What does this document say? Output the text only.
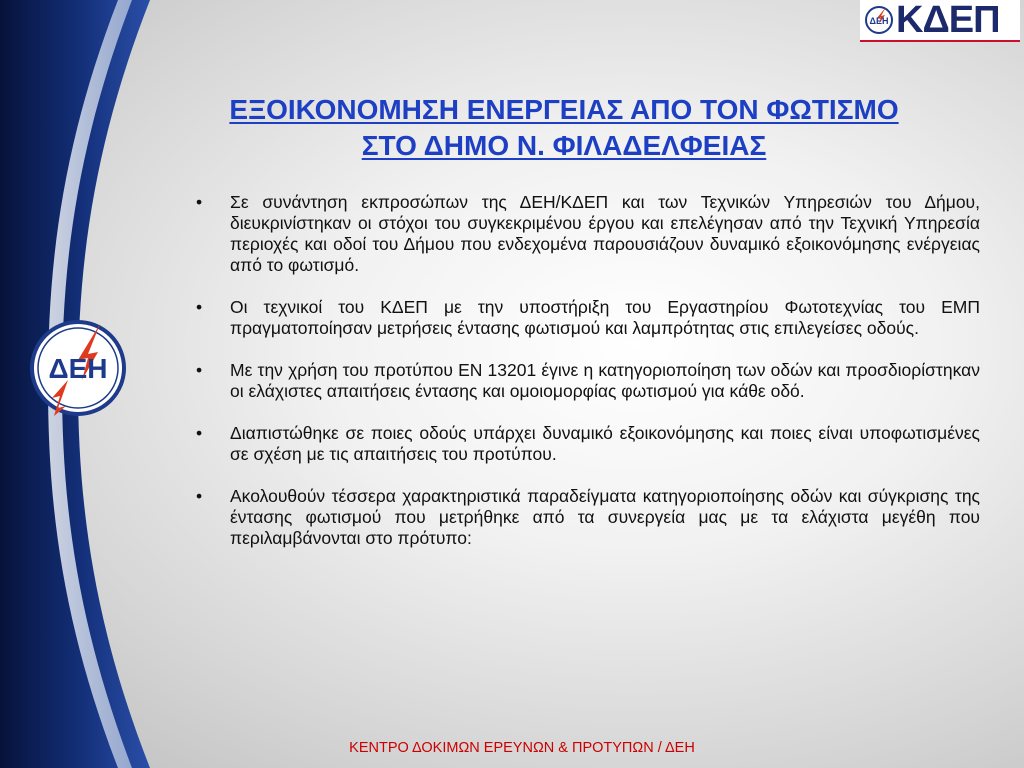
ΔΕΗ
ΔΕΗ ΚΔΕΠ
ΕΞΟΙΚΟΝΟΜΗΣΗ ΕΝΕΡΓΕΙΑΣ ΑΠΟ ΤΟΝ ΦΩΤΙΣΜΟ
ΣΤΟ ΔΗΜΟ Ν. ΦΙΛΑΔΕΛΦΕΙΑΣ
• Σε συνάντηση εκπροσώπων της ΔΕΗ/ΚΔΕΠ και των Τεχνικών Υπηρεσιών του Δήμου, διευκρινίστηκαν οι στόχοι του συγκεκριμένου έργου και επελέγησαν από την Τεχνική Υπηρεσία περιοχές και οδοί του Δήμου που ενδεχομένα παρουσιάζουν δυναμικό εξοικονόμησης ενέργειας από το φωτισμό.
• Οι τεχνικοί του ΚΔΕΠ με την υποστήριξη του Εργαστηρίου Φωτοτεχνίας του ΕΜΠ πραγματοποίησαν μετρήσεις έντασης φωτισμού και λαμπρότητας στις επιλεγείσες οδούς.
• Με την χρήση του προτύπου ΕΝ 13201 έγινε η κατηγοριοποίηση των οδών και προσδιορίστηκαν οι ελάχιστες απαιτήσεις έντασης και ομοιομορφίας φωτισμού για κάθε οδό.
• Διαπιστώθηκε σε ποιες οδούς υπάρχει δυναμικό εξοικονόμησης και ποιες είναι υποφωτισμένες σε σχέση με τις απαιτήσεις του προτύπου.
• Ακολουθούν τέσσερα χαρακτηριστικά παραδείγματα κατηγοριοποίησης οδών και σύγκρισης της έντασης φωτισμού που μετρήθηκε από τα συνεργεία μας με τα ελάχιστα μεγέθη που περιλαμβάνονται στο πρότυπο:
ΚΕΝΤΡΟ ΔΟΚΙΜΩΝ ΕΡΕΥΝΩΝ & ΠΡΟΤΥΠΩΝ / ΔΕΗ
